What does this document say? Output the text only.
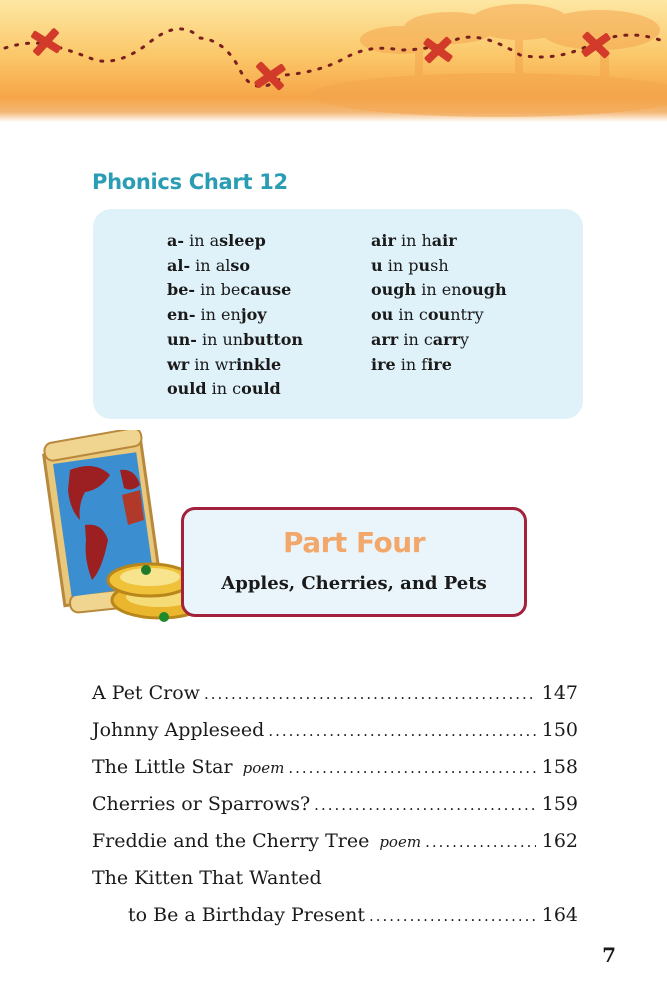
Phonics Chart 12
a- in asleep
al- in also
be- in because
en- in enjoy
un- in unbutton
wr in wrinkle
ould in could
air in hair
u in push
ough in enough
ou in country
arr in carry
ire in fire
Part Four
Apples, Cherries, and Pets
A Pet Crow .....	147
Johnny Appleseed .....	150
The Little Star poem .....	158
Cherries or Sparrows? .....	159
Freddie and the Cherry Tree poem .....	162
The Kitten That Wanted
to Be a Birthday Present .....	164
7
